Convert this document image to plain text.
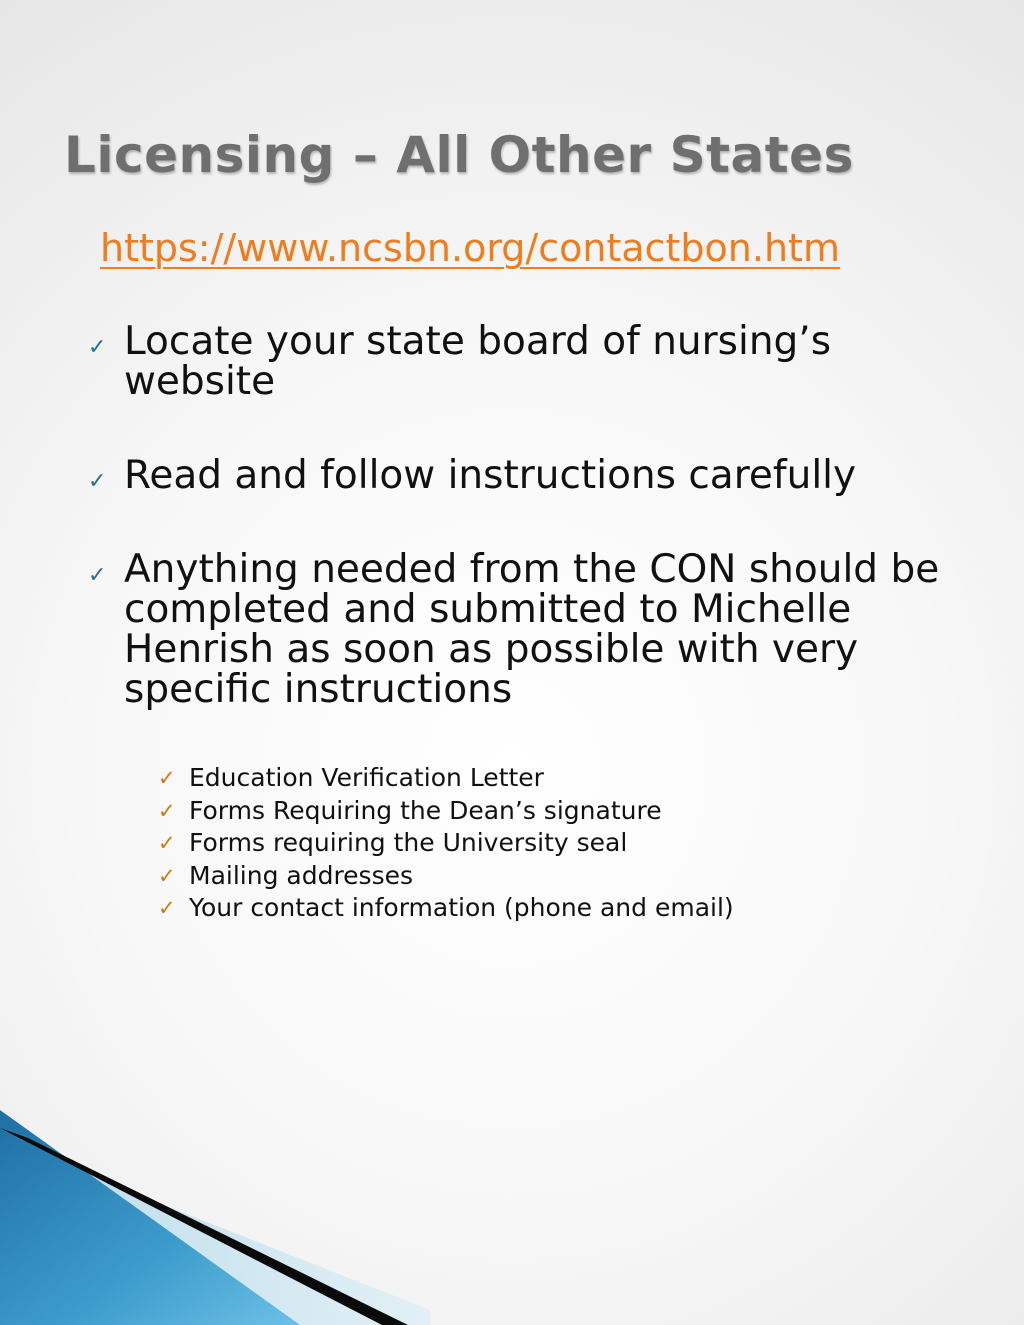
Licensing – All Other States
https://www.ncsbn.org/contactbon.htm
✓ Locate your state board of nursing’s website
✓ Read and follow instructions carefully
✓ Anything needed from the CON should be completed and submitted to Michelle Henrish as soon as possible with very specific instructions
✓ Education Verification Letter
✓ Forms Requiring the Dean’s signature
✓ Forms requiring the University seal
✓ Mailing addresses
✓ Your contact information (phone and email)
